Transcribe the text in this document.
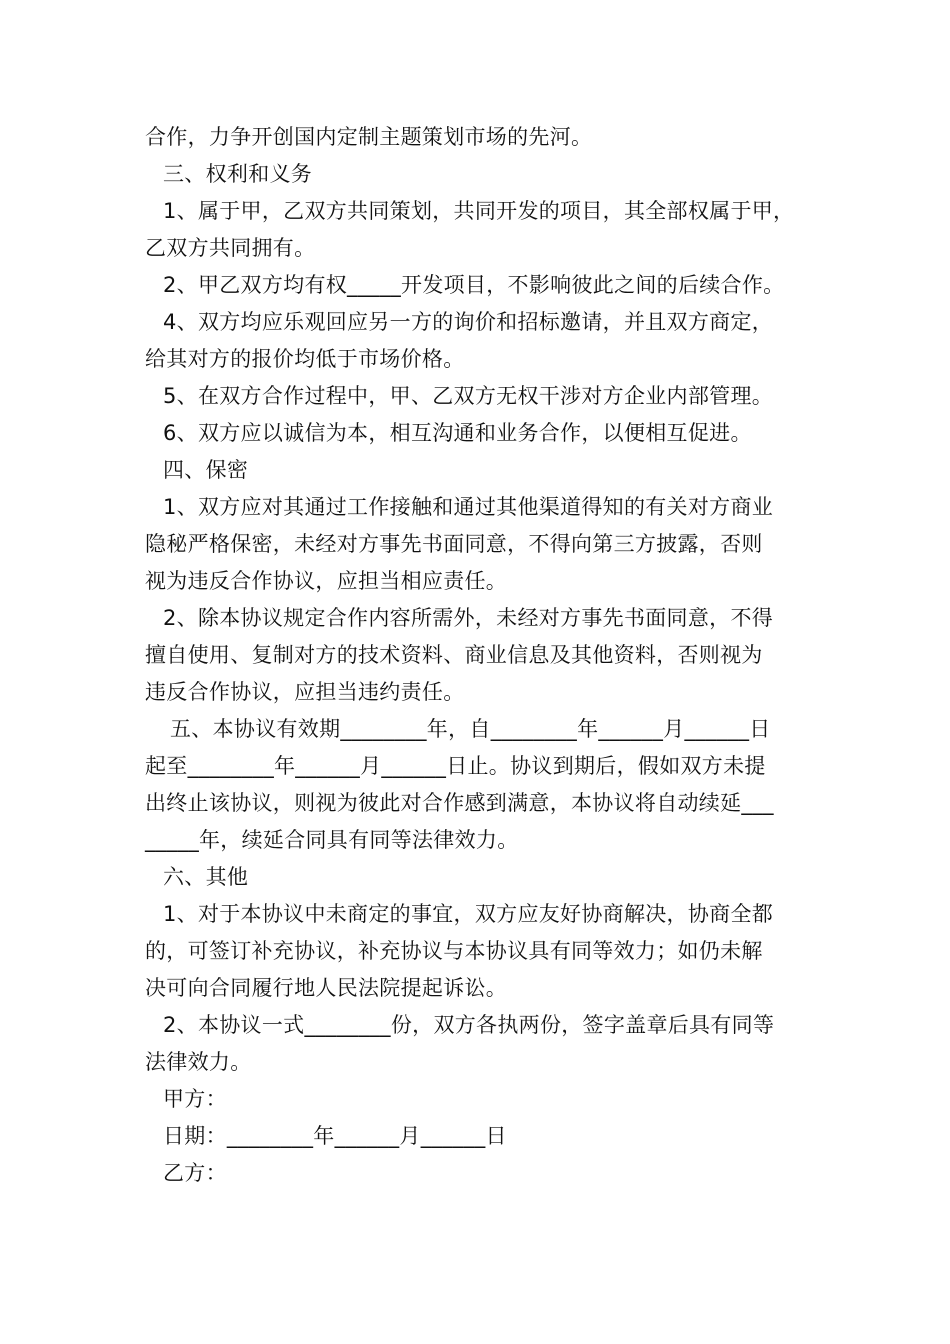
合作，力争开创国内定制主题策划市场的先河。
三、权利和义务
1、属于甲，乙双方共同策划，共同开发的项目，其全部权属于甲，
乙双方共同拥有。
2、甲乙双方均有权_____开发项目，不影响彼此之间的后续合作。
4、双方均应乐观回应另一方的询价和招标邀请，并且双方商定，
给其对方的报价均低于市场价格。
5、在双方合作过程中，甲、乙双方无权干涉对方企业内部管理。
6、双方应以诚信为本，相互沟通和业务合作，以便相互促进。
四、保密
1、双方应对其通过工作接触和通过其他渠道得知的有关对方商业
隐秘严格保密，未经对方事先书面同意，不得向第三方披露，否则
视为违反合作协议，应担当相应责任。
2、除本协议规定合作内容所需外，未经对方事先书面同意，不得
擅自使用、复制对方的技术资料、商业信息及其他资料，否则视为
违反合作协议，应担当违约责任。
五、本协议有效期________年，自________年______月______日
起至________年______月______日止。协议到期后，假如双方未提
出终止该协议，则视为彼此对合作感到满意，本协议将自动续延___
_____年，续延合同具有同等法律效力。
六、其他
1、对于本协议中未商定的事宜，双方应友好协商解决，协商全都
的，可签订补充协议，补充协议与本协议具有同等效力；如仍未解
决可向合同履行地人民法院提起诉讼。
2、本协议一式________份，双方各执两份，签字盖章后具有同等
法律效力。
甲方：
日期：________年______月______日
乙方：
